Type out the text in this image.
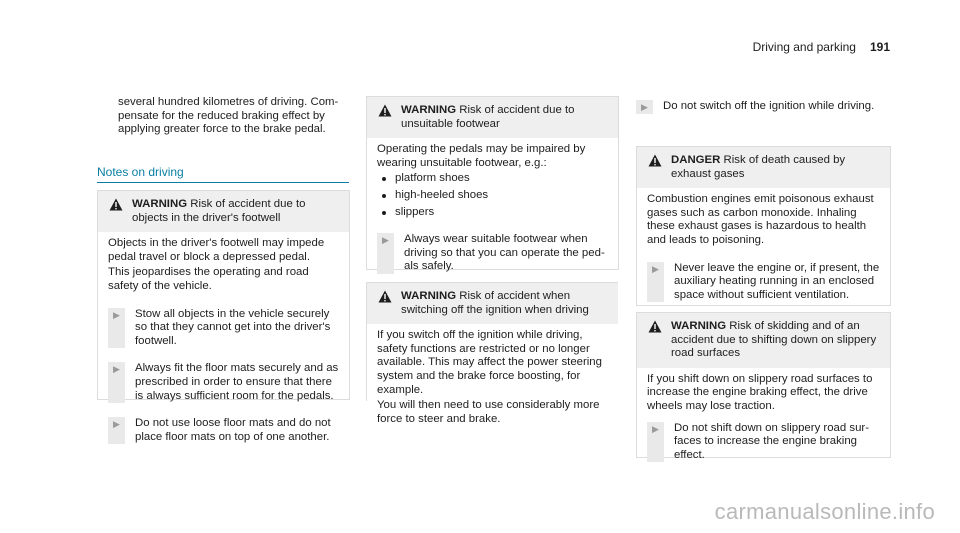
Driving and parking 191

several hundred kilometres of driving. Compensate for the reduced braking effect by applying greater force to the brake pedal.

Notes on driving
WARNING Risk of accident due to objects in the driver's footwell

Objects in the driver's footwell may impede pedal travel or block a depressed pedal.

This jeopardises the operating and road safety of the vehicle.

▶ Stow all objects in the vehicle securely so that they cannot get into the driver's footwell.
▶ Always fit the floor mats securely and as prescribed in order to ensure that there is always sufficient room for the pedals.
▶ Do not use loose floor mats and do not place floor mats on top of one another.
WARNING Risk of accident due to unsuitable footwear

Operating the pedals may be impaired by wearing unsuitable footwear, e.g.:

platform shoes
high-heeled shoes
slippers
▶ Always wear suitable footwear when driving so that you can operate the pedals safely.
WARNING Risk of accident when switching off the ignition when driving

If you switch off the ignition while driving, safety functions are restricted or no longer available. This may affect the power steering system and the brake force boosting, for example.

You will then need to use considerably more force to steer and brake.

▶ Do not switch off the ignition while driving.
DANGER Risk of death caused by exhaust gases

Combustion engines emit poisonous exhaust gases such as carbon monoxide. Inhaling these exhaust gases is hazardous to health and leads to poisoning.

▶ Never leave the engine or, if present, the auxiliary heating running in an enclosed space without sufficient ventilation.
WARNING Risk of skidding and of an accident due to shifting down on slippery road surfaces

If you shift down on slippery road surfaces to increase the engine braking effect, the drive wheels may lose traction.

▶ Do not shift down on slippery road surfaces to increase the engine braking effect.
carmanualsonline.info
